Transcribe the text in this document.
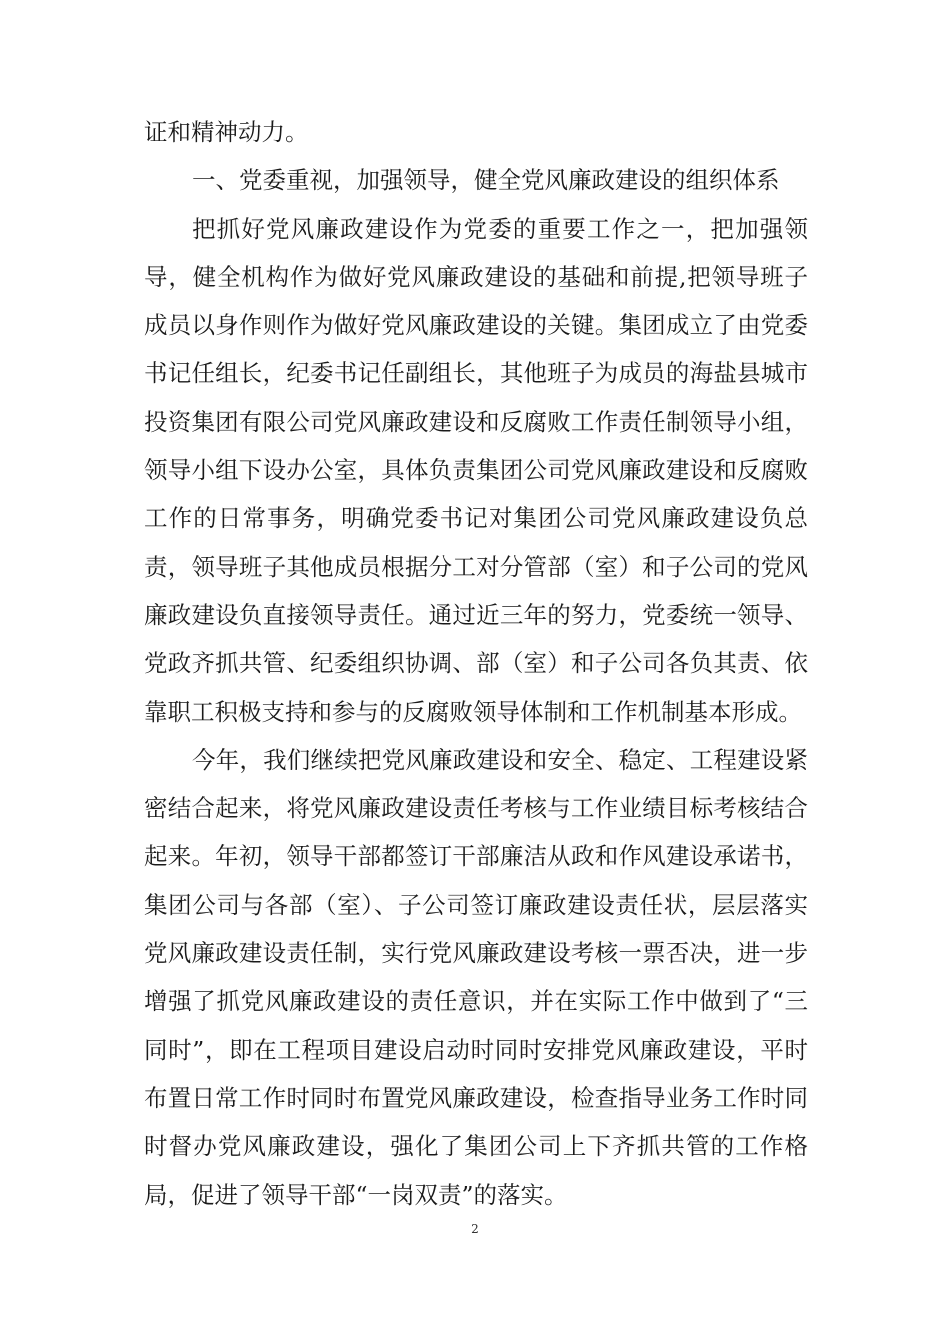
证和精神动力。
一、党委重视，加强领导，健全党风廉政建设的组织体系
把抓好党风廉政建设作为党委的重要工作之一，把加强领
导，健全机构作为做好党风廉政建设的基础和前提,把领导班子
成员以身作则作为做好党风廉政建设的关键。集团成立了由党委
书记任组长，纪委书记任副组长，其他班子为成员的海盐县城市
投资集团有限公司党风廉政建设和反腐败工作责任制领导小组，
领导小组下设办公室，具体负责集团公司党风廉政建设和反腐败
工作的日常事务，明确党委书记对集团公司党风廉政建设负总
责，领导班子其他成员根据分工对分管部（室）和子公司的党风
廉政建设负直接领导责任。通过近三年的努力，党委统一领导、
党政齐抓共管、纪委组织协调、部（室）和子公司各负其责、依
靠职工积极支持和参与的反腐败领导体制和工作机制基本形成。
今年，我们继续把党风廉政建设和安全、稳定、工程建设紧
密结合起来，将党风廉政建设责任考核与工作业绩目标考核结合
起来。年初，领导干部都签订干部廉洁从政和作风建设承诺书，
集团公司与各部（室）、子公司签订廉政建设责任状，层层落实
党风廉政建设责任制，实行党风廉政建设考核一票否决，进一步
增强了抓党风廉政建设的责任意识，并在实际工作中做到了“三
同时”，即在工程项目建设启动时同时安排党风廉政建设，平时
布置日常工作时同时布置党风廉政建设，检查指导业务工作时同
时督办党风廉政建设，强化了集团公司上下齐抓共管的工作格
局，促进了领导干部“一岗双责”的落实。
2
